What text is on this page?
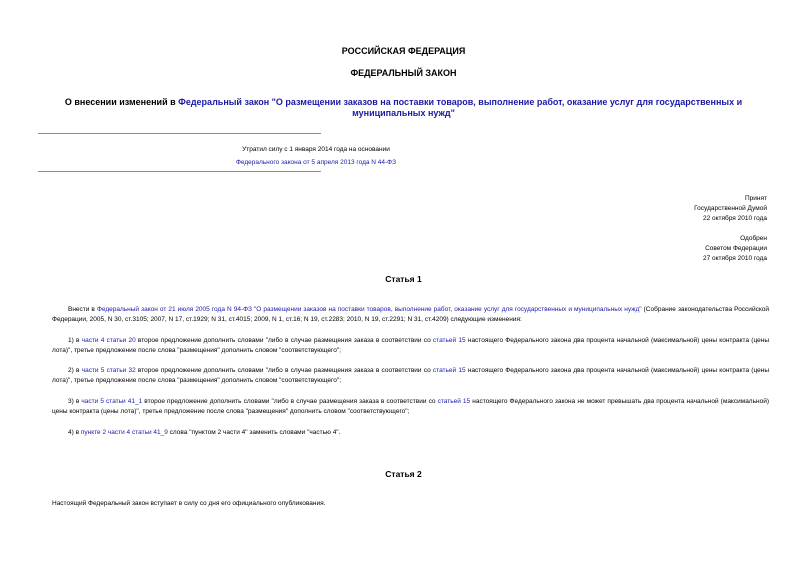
РОССИЙСКАЯ ФЕДЕРАЦИЯ
ФЕДЕРАЛЬНЫЙ ЗАКОН
О внесении изменений в Федеральный закон "О размещении заказов на поставки товаров, выполнение работ, оказание услуг для государственных и муниципальных нужд"
Утратил силу с 1 января 2014 года на основании
Федерального закона от 5 апреля 2013 года N 44-ФЗ
Принят
Государственной Думой
22 октября 2010 года
Одобрен
Советом Федерации
27 октября 2010 года
Статья 1
Внести в Федеральный закон от 21 июля 2005 года N 94-ФЗ "О размещении заказов на поставки товаров, выполнение работ, оказание услуг для государственных и муниципальных нужд" (Собрание законодательства Российской Федерации, 2005, N 30, ст.3105; 2007, N 17, ст.1929; N 31, ст.4015; 2009, N 1, ст.16; N 19, ст.2283; 2010, N 19, ст.2291; N 31, ст.4209) следующие изменения:
1) в части 4 статьи 20 второе предложение дополнить словами "либо в случае размещения заказа в соответствии со статьей 15 настоящего Федерального закона два процента начальной (максимальной) цены контракта (цены лота)", третье предложение после слова "размещения" дополнить словом "соответствующего";
2) в части 5 статьи 32 второе предложение дополнить словами "либо в случае размещения заказа в соответствии со статьей 15 настоящего Федерального закона два процента начальной (максимальной) цены контракта (цены лота)", третье предложение после слова "размещения" дополнить словом "соответствующего";
3) в части 5 статьи 41_1 второе предложение дополнить словами "либо в случае размещения заказа в соответствии со статьей 15 настоящего Федерального закона не может превышать два процента начальной (максимальной) цены контракта (цены лота)", третье предложение после слова "размещения" дополнить словом "соответствующего";
4) в пункте 2 части 4 статьи 41_9 слова "пунктом 2 части 4" заменить словами "частью 4".
Статья 2
Настоящий Федеральный закон вступает в силу со дня его официального опубликования.
